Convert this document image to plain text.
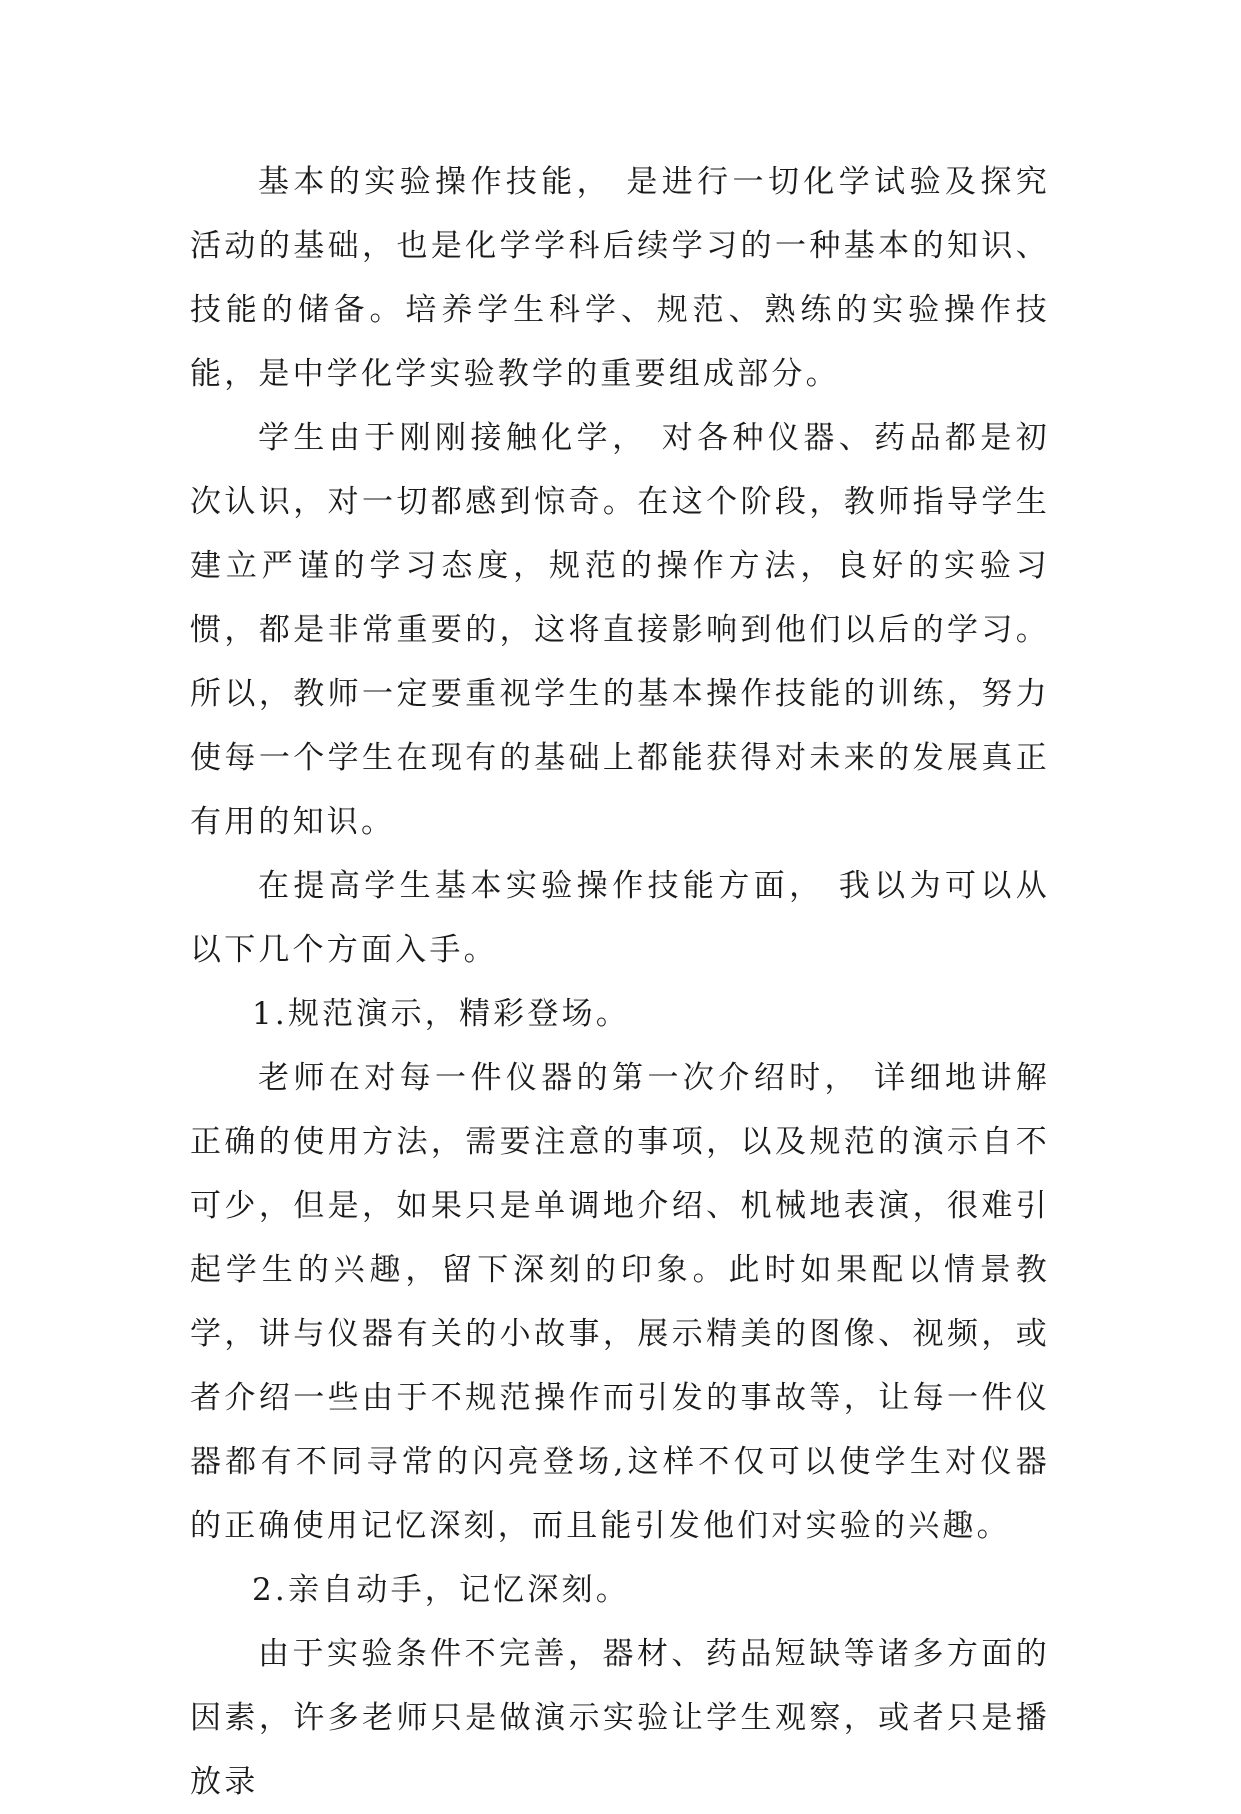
基本的实验操作技能， 是进行一切化学试验及探究活动的基础，也是化学学科后续学习的一种基本的知识、技能的储备。培养学生科学、规范、熟练的实验操作技能，是中学化学实验教学的重要组成部分。

学生由于刚刚接触化学， 对各种仪器、药品都是初次认识，对一切都感到惊奇。在这个阶段，教师指导学生建立严谨的学习态度，规范的操作方法，良好的实验习惯，都是非常重要的，这将直接影响到他们以后的学习。所以，教师一定要重视学生的基本操作技能的训练，努力使每一个学生在现有的基础上都能获得对未来的发展真正有用的知识。

在提高学生基本实验操作技能方面， 我以为可以从以下几个方面入手。

1.规范演示，精彩登场。

老师在对每一件仪器的第一次介绍时， 详细地讲解正确的使用方法，需要注意的事项，以及规范的演示自不可少，但是，如果只是单调地介绍、机械地表演，很难引起学生的兴趣，留下深刻的印象。此时如果配以情景教学，讲与仪器有关的小故事，展示精美的图像、视频，或者介绍一些由于不规范操作而引发的事故等，让每一件仪器都有不同寻常的闪亮登场,这样不仅可以使学生对仪器的正确使用记忆深刻，而且能引发他们对实验的兴趣。

2.亲自动手，记忆深刻。

由于实验条件不完善，器材、药品短缺等诸多方面的因素，许多老师只是做演示实验让学生观察，或者只是播放录
